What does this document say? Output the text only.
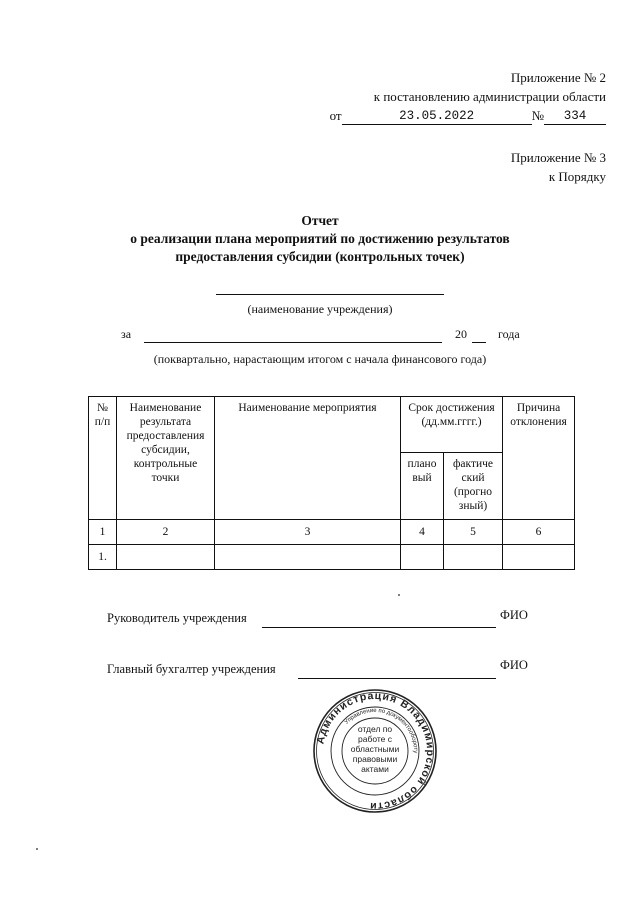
Приложение № 2
к постановлению администрации области
от	23.05.2022	№	334
Приложение № 3
к Порядку
Отчет
о реализации плана мероприятий по достижению результатов
предоставления субсидии (контрольных точек)
(наименование учреждения)
за	20	года
(поквартально, нарастающим итогом с начала финансового года)
№ п/п	Наименование результата предоставления субсидии, контрольные точки	Наименование мероприятия	Срок достижения (дд.мм.гггг.)		Причина отклонения
			плано вый	фактиче ский (прогно зный)	
1	2	3	4	5	6
1.					
Руководитель учреждения	ФИО
Главный бухгалтер учреждения	ФИО
Администрация Владимирской области
Управление по документообороту
отдел по работе с областными правовыми актами
